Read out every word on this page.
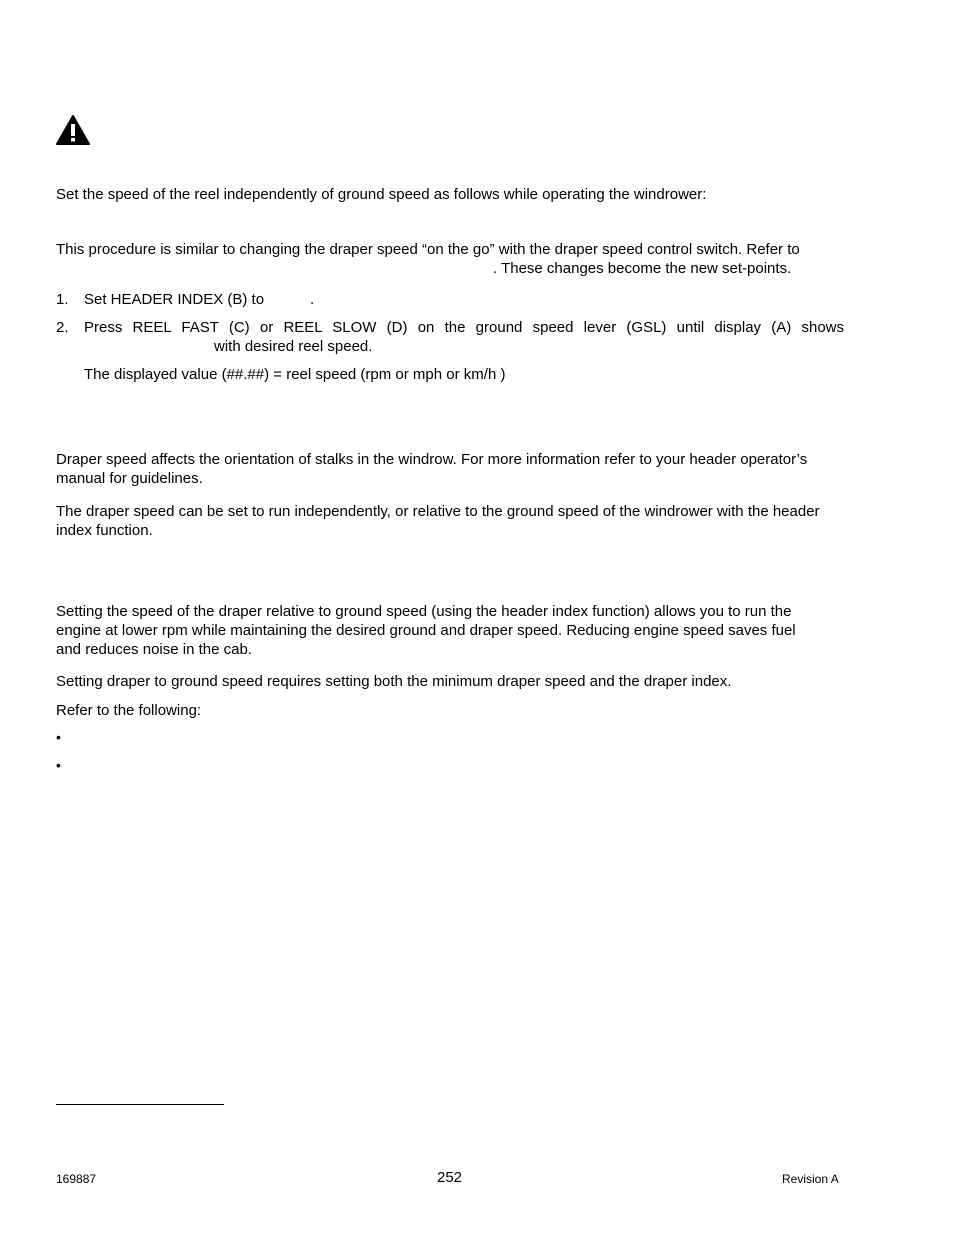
Set the speed of the reel independently of ground speed as follows while operating the windrower:

This procedure is similar to changing the draper speed “on the go” with the draper speed control switch. Refer to

. These changes become the new set-points.

1. Set HEADER INDEX (B) to	.
2. Press REEL FAST (C) or REEL SLOW (D) on the ground speed lever (GSL) until display (A) shows

with desired reel speed.

The displayed value (##.##) = reel speed (rpm or mph or km/h )

Draper speed affects the orientation of stalks in the windrow. For more information refer to your header operator’s

manual for guidelines.

The draper speed can be set to run independently, or relative to the ground speed of the windrower with the header

index function.

Setting the speed of the draper relative to ground speed (using the header index function) allows you to run the

engine at lower rpm while maintaining the desired ground and draper speed. Reducing engine speed saves fuel

and reduces noise in the cab.

Setting draper to ground speed requires setting both the minimum draper speed and the draper index.

Refer to the following:

•
•
169887	252	Revision A
